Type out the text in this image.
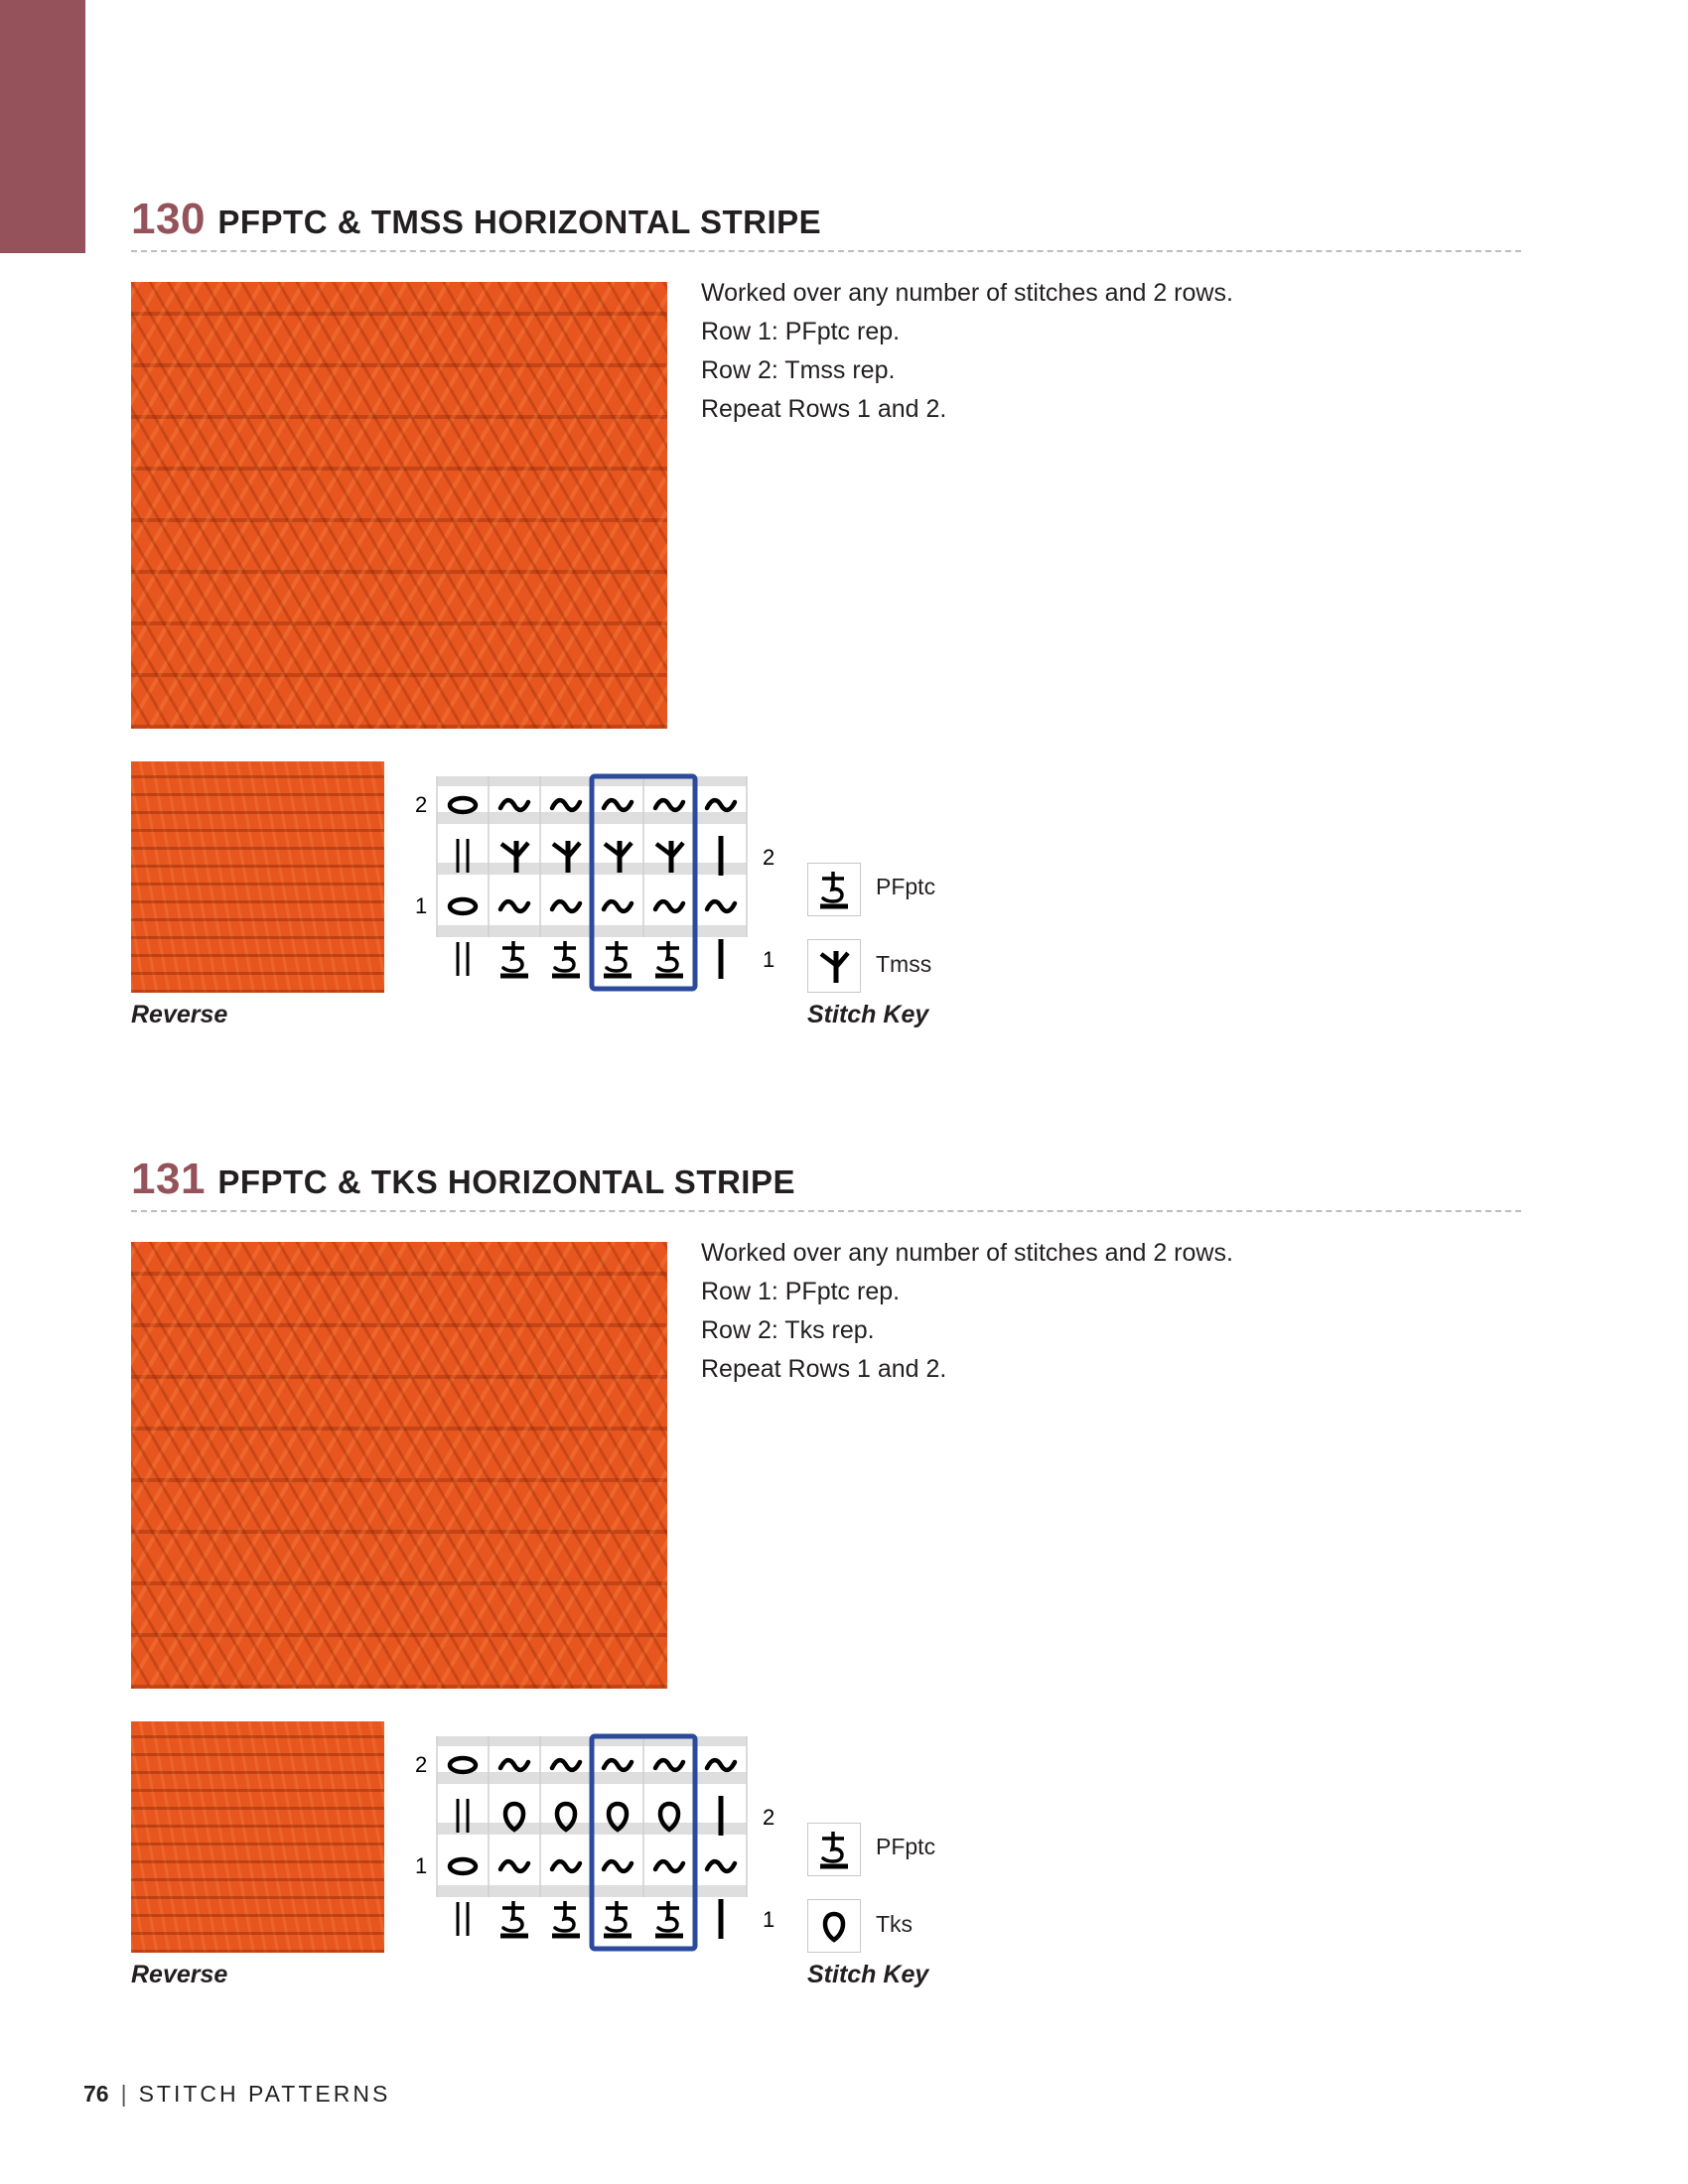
130 PFPTC & TMSS HORIZONTAL STRIPE
Worked over any number of stitches and 2 rows.
Row 1: PFptc rep.
Row 2: Tmss rep.
Repeat Rows 1 and 2.
Reverse
2
1
2
1
PFptc
Tmss
Stitch Key
131 PFPTC & TKS HORIZONTAL STRIPE
Worked over any number of stitches and 2 rows.
Row 1: PFptc rep.
Row 2: Tks rep.
Repeat Rows 1 and 2.
Reverse
2
1
2
1
PFptc
Tks
Stitch Key
76 | STITCH PATTERNS
